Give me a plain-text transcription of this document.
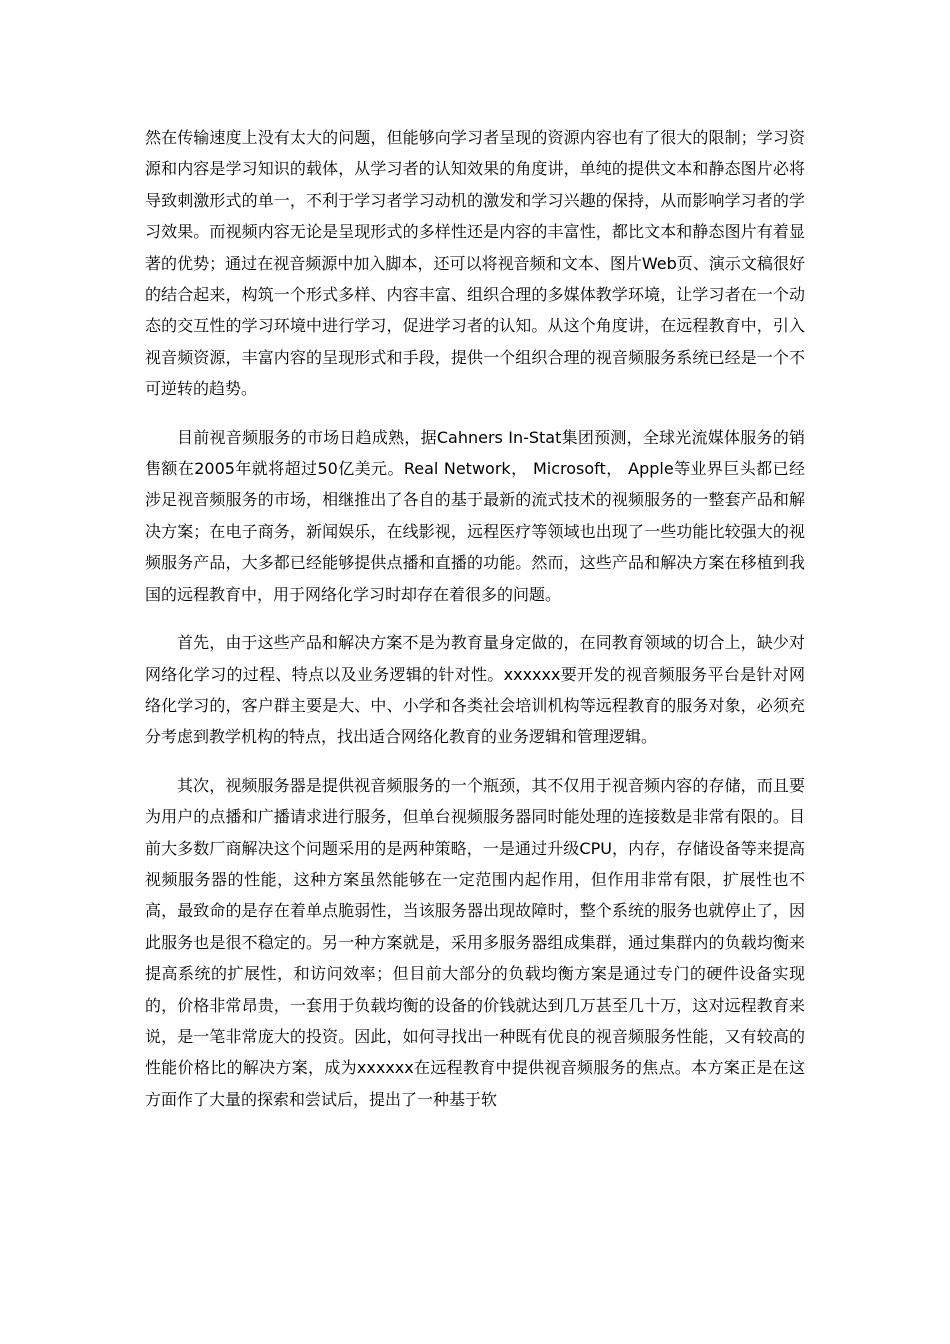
然在传输速度上没有太大的问题，但能够向学习者呈现的资源内容也有了很大的限制；学习资源和内容是学习知识的载体，从学习者的认知效果的角度讲，单纯的提供文本和静态图片必将导致刺激形式的单一，不利于学习者学习动机的激发和学习兴趣的保持，从而影响学习者的学习效果。而视频内容无论是呈现形式的多样性还是内容的丰富性，都比文本和静态图片有着显著的优势；通过在视音频源中加入脚本，还可以将视音频和文本、图片Web页、演示文稿很好的结合起来，构筑一个形式多样、内容丰富、组织合理的多媒体教学环境，让学习者在一个动态的交互性的学习环境中进行学习，促进学习者的认知。从这个角度讲，在远程教育中，引入视音频资源，丰富内容的呈现形式和手段，提供一个组织合理的视音频服务系统已经是一个不可逆转的趋势。

目前视音频服务的市场日趋成熟，据Cahners In-Stat集团预测，全球光流媒体服务的销售额在2005年就将超过50亿美元。Real Network， Microsoft， Apple等业界巨头都已经涉足视音频服务的市场，相继推出了各自的基于最新的流式技术的视频服务的一整套产品和解决方案；在电子商务，新闻娱乐，在线影视，远程医疗等领域也出现了一些功能比较强大的视频服务产品，大多都已经能够提供点播和直播的功能。然而，这些产品和解决方案在移植到我国的远程教育中，用于网络化学习时却存在着很多的问题。

首先，由于这些产品和解决方案不是为教育量身定做的，在同教育领域的切合上，缺少对网络化学习的过程、特点以及业务逻辑的针对性。xxxxxx要开发的视音频服务平台是针对网络化学习的，客户群主要是大、中、小学和各类社会培训机构等远程教育的服务对象，必须充分考虑到教学机构的特点，找出适合网络化教育的业务逻辑和管理逻辑。

其次，视频服务器是提供视音频服务的一个瓶颈，其不仅用于视音频内容的存储，而且要为用户的点播和广播请求进行服务，但单台视频服务器同时能处理的连接数是非常有限的。目前大多数厂商解决这个问题采用的是两种策略，一是通过升级CPU，内存，存储设备等来提高视频服务器的性能，这种方案虽然能够在一定范围内起作用，但作用非常有限，扩展性也不高，最致命的是存在着单点脆弱性，当该服务器出现故障时，整个系统的服务也就停止了，因此服务也是很不稳定的。另一种方案就是，采用多服务器组成集群，通过集群内的负载均衡来提高系统的扩展性，和访问效率；但目前大部分的负载均衡方案是通过专门的硬件设备实现的，价格非常昂贵，一套用于负载均衡的设备的价钱就达到几万甚至几十万，这对远程教育来说，是一笔非常庞大的投资。因此，如何寻找出一种既有优良的视音频服务性能，又有较高的性能价格比的解决方案，成为xxxxxx在远程教育中提供视音频服务的焦点。本方案正是在这方面作了大量的探索和尝试后，提出了一种基于软
